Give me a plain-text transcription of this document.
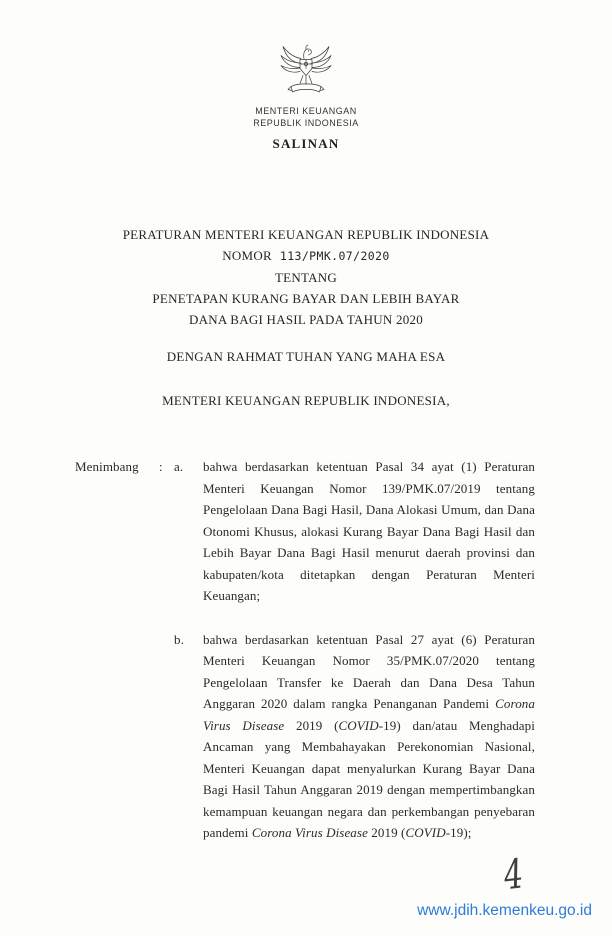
MENTERI KEUANGAN
REPUBLIK INDONESIA
SALINAN
PERATURAN MENTERI KEUANGAN REPUBLIK INDONESIA
NOMOR 113/PMK.07/2020
TENTANG
PENETAPAN KURANG BAYAR DAN LEBIH BAYAR
DANA BAGI HASIL PADA TAHUN 2020
DENGAN RAHMAT TUHAN YANG MAHA ESA
MENTERI KEUANGAN REPUBLIK INDONESIA,
Menimbang	: a.	bahwa berdasarkan ketentuan Pasal 34 ayat (1) Peraturan Menteri Keuangan Nomor 139/PMK.07/2019 tentang Pengelolaan Dana Bagi Hasil, Dana Alokasi Umum, dan Dana Otonomi Khusus, alokasi Kurang Bayar Dana Bagi Hasil dan Lebih Bayar Dana Bagi Hasil menurut daerah provinsi dan kabupaten/kota ditetapkan dengan Peraturan Menteri Keuangan;
b.	bahwa berdasarkan ketentuan Pasal 27 ayat (6) Peraturan Menteri Keuangan Nomor 35/PMK.07/2020 tentang Pengelolaan Transfer ke Daerah dan Dana Desa Tahun Anggaran 2020 dalam rangka Penanganan Pandemi Corona Virus Disease 2019 (COVID-19) dan/atau Menghadapi Ancaman yang Membahayakan Perekonomian Nasional, Menteri Keuangan dapat menyalurkan Kurang Bayar Dana Bagi Hasil Tahun Anggaran 2019 dengan mempertimbangkan kemampuan keuangan negara dan perkembangan penyebaran pandemi Corona Virus Disease 2019 (COVID-19);
4
www.jdih.kemenkeu.go.id
